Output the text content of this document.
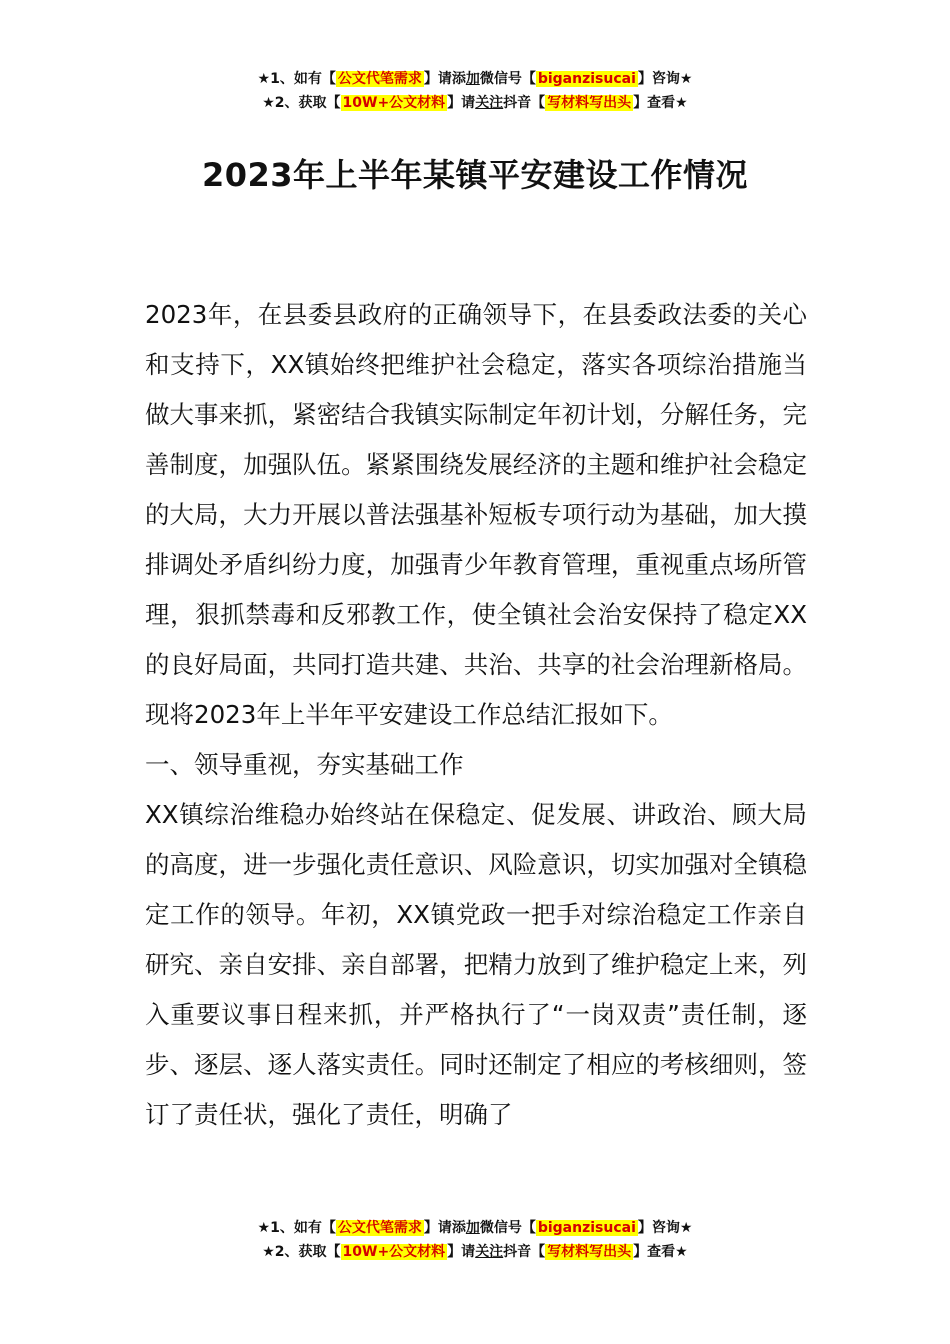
★1、如有【 公文代笔需求 】请添加微信号【 biganzisucai 】咨询★
★2、获取【 10W+公文材料 】请关注抖音【 写材料写出头 】查看★
2023年上半年某镇平安建设工作情况

2023年，在县委县政府的正确领导下，在县委政法委的关心和支持下，XX镇始终把维护社会稳定，落实各项综治措施当做大事来抓，紧密结合我镇实际制定年初计划，分解任务，完善制度，加强队伍。紧紧围绕发展经济的主题和维护社会稳定的大局，大力开展以普法强基补短板专项行动为基础，加大摸排调处矛盾纠纷力度，加强青少年教育管理，重视重点场所管理，狠抓禁毒和反邪教工作，使全镇社会治安保持了稳定XX的良好局面，共同打造共建、共治、共享的社会治理新格局。现将2023年上半年平安建设工作总结汇报如下。

一、领导重视，夯实基础工作

XX镇综治维稳办始终站在保稳定、促发展、讲政治、顾大局的高度，进一步强化责任意识、风险意识，切实加强对全镇稳定工作的领导。年初，XX镇党政一把手对综治稳定工作亲自研究、亲自安排、亲自部署，把精力放到了维护稳定上来，列入重要议事日程来抓，并严格执行了“一岗双责”责任制，逐步、逐层、逐人落实责任。同时还制定了相应的考核细则，签订了责任状，强化了责任，明确了

★1、如有【 公文代笔需求 】请添加微信号【 biganzisucai 】咨询★
★2、获取【 10W+公文材料 】请关注抖音【 写材料写出头 】查看★
